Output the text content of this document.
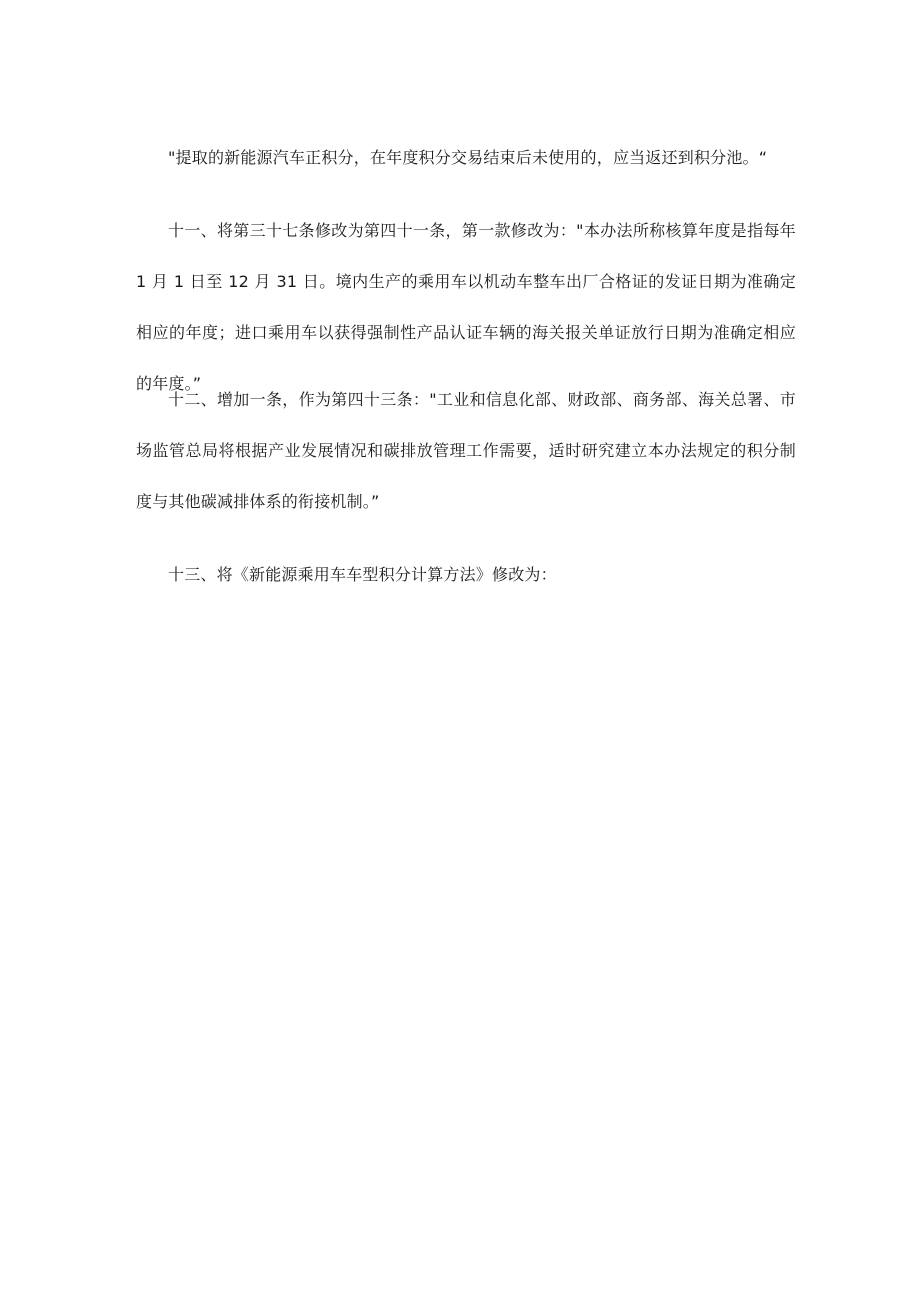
"提取的新能源汽车正积分，在年度积分交易结束后未使用的，应当返还到积分池。“

十一、将第三十七条修改为第四十一条，第一款修改为："本办法所称核算年度是指每年 1 月 1 日至 12 月 31 日。境内生产的乘用车以机动车整车出厂合格证的发证日期为准确定相应的年度；进口乘用车以获得强制性产品认证车辆的海关报关单证放行日期为准确定相应的年度。”

十二、增加一条，作为第四十三条："工业和信息化部、财政部、商务部、海关总署、市场监管总局将根据产业发展情况和碳排放管理工作需要，适时研究建立本办法规定的积分制度与其他碳减排体系的衔接机制。”

十三、将《新能源乘用车车型积分计算方法》修改为：
